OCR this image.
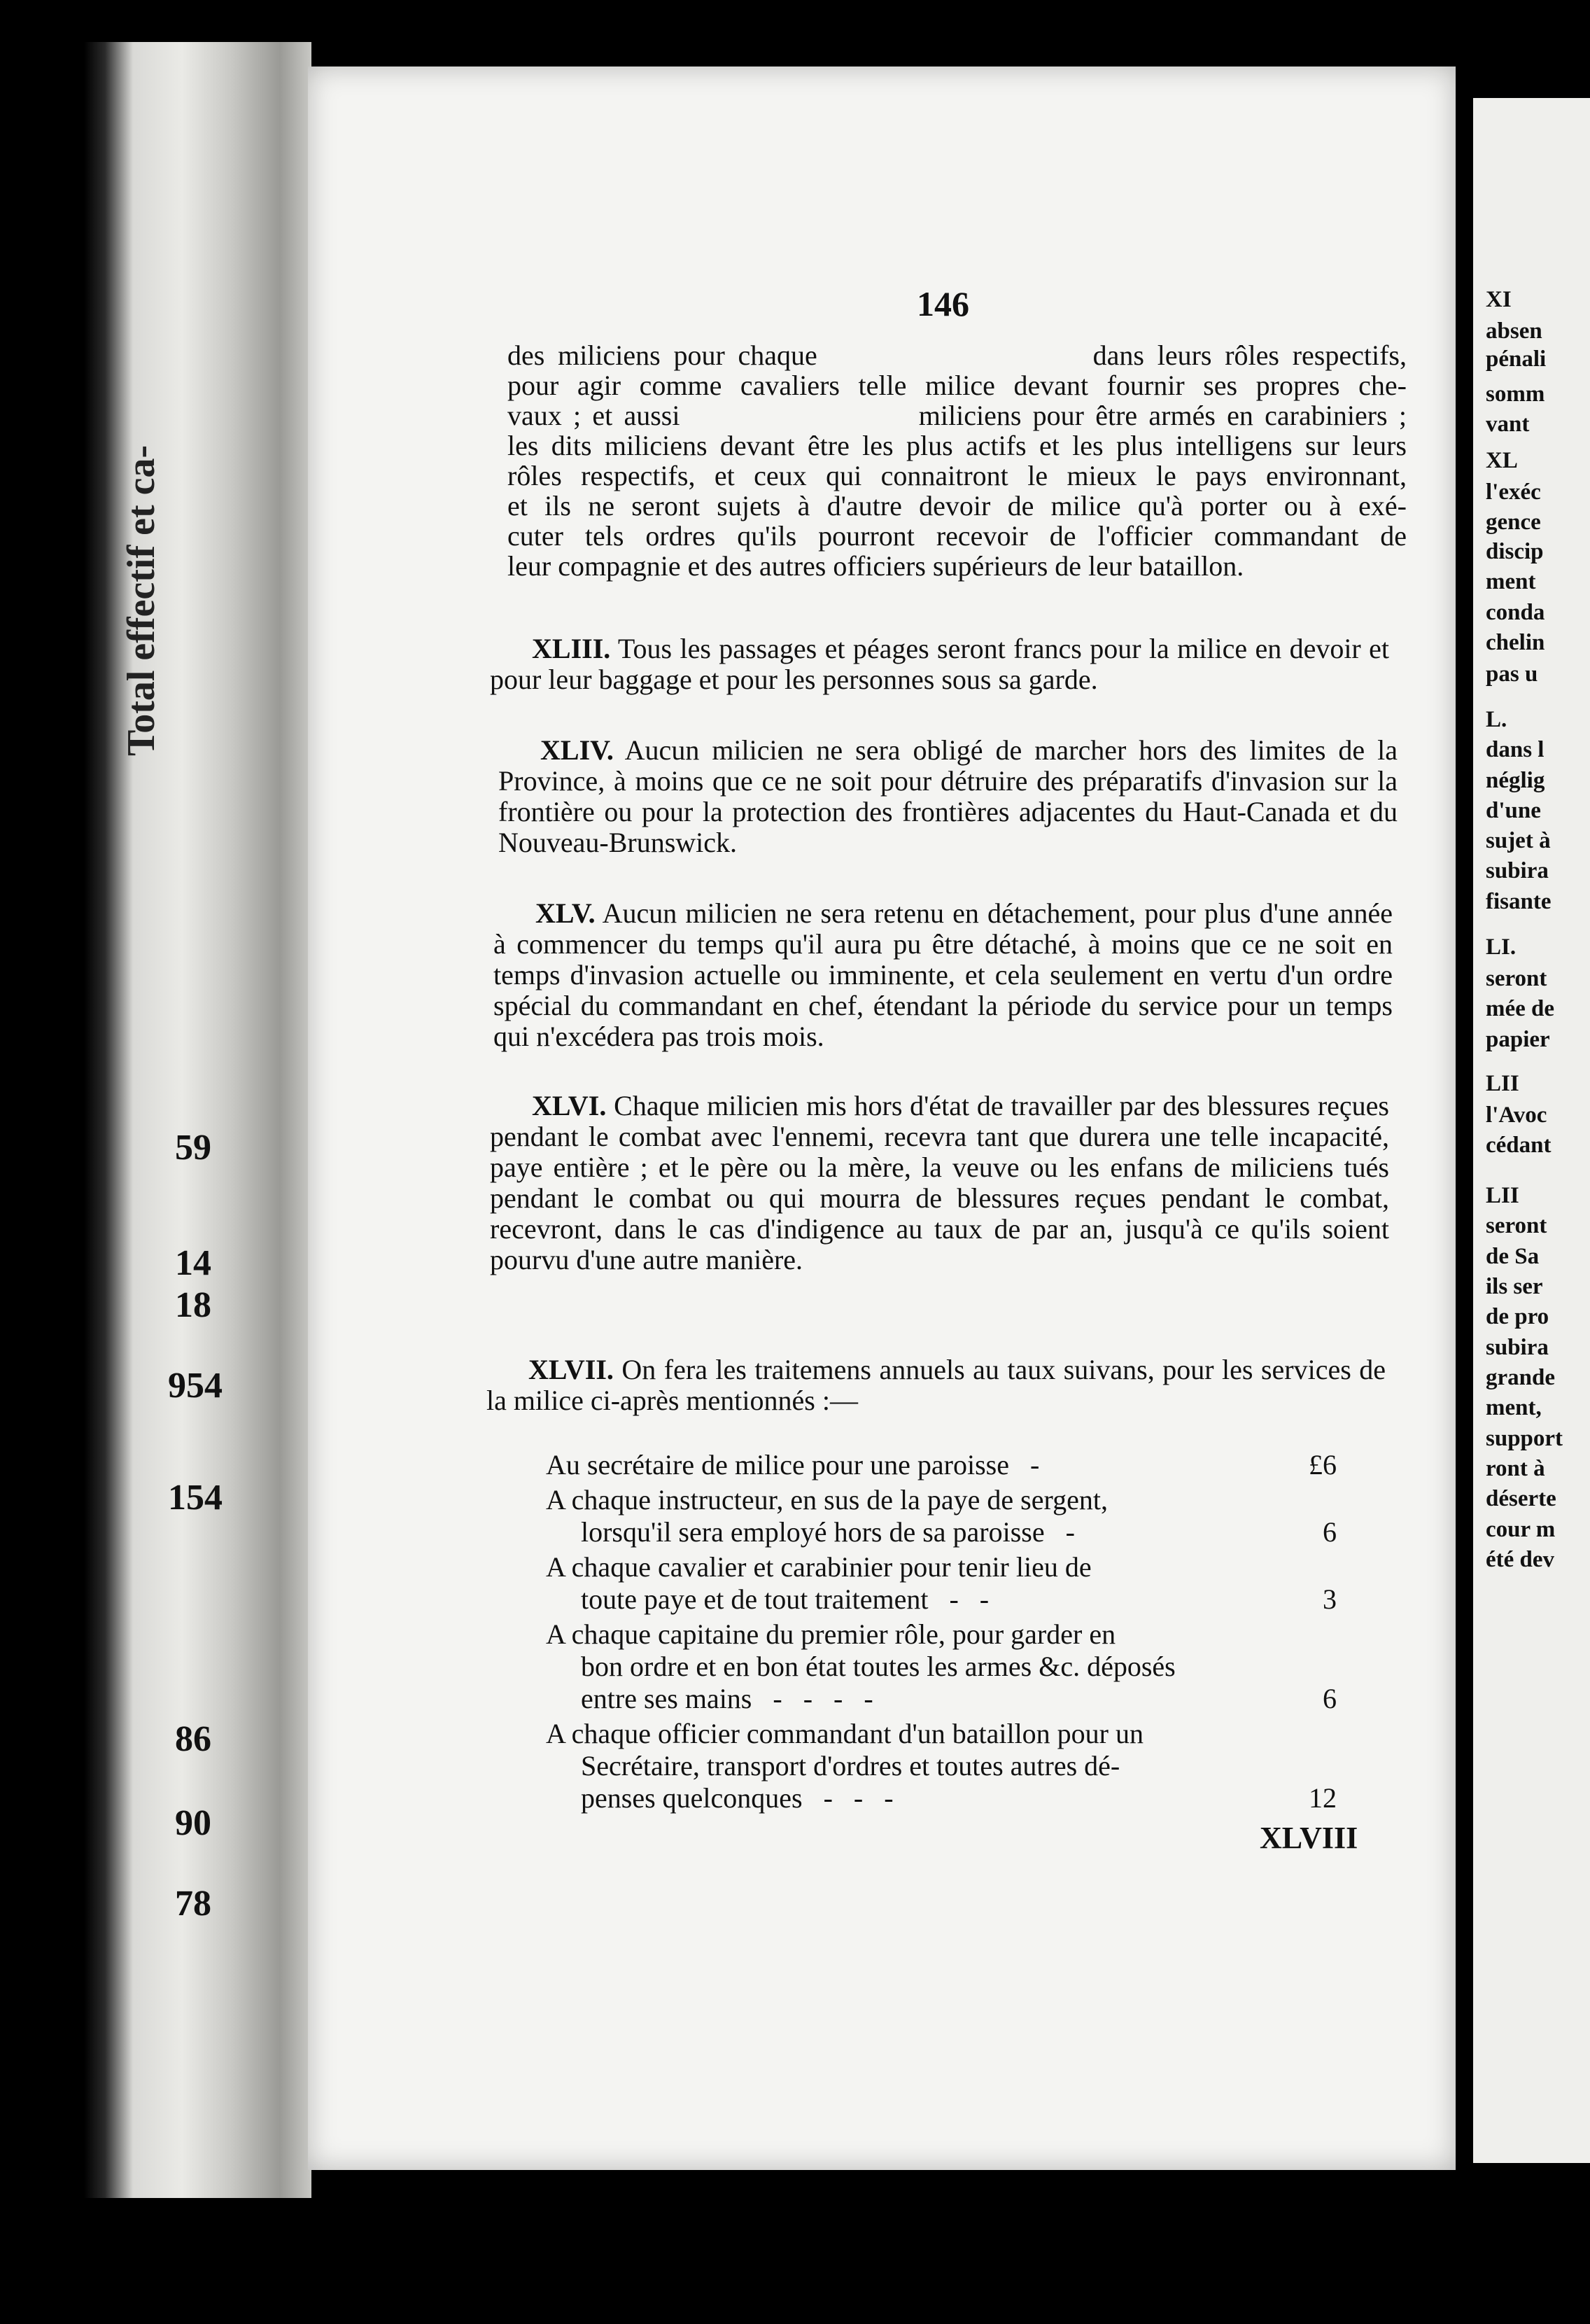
Total effectif et ca-
59
14
18
954
154
86
90
78
XI
absen
pénali
somm
vant
XL
l'exéc
gence
discip
ment
conda
chelin
pas u
L.
dans l
néglig
d'une
sujet à
subira
fisante
LI.
seront
mée de
papier
LII
l'Avoc
cédant
LII
seront
de Sa
ils ser
de pro
subira
grande
ment,
support
ront à
déserte
cour m
été dev
146
des miliciens pour chaque                     dans leurs rôles respectifs,
pour agir comme cavaliers telle milice devant fournir ses propres che-
vaux ; et aussi                     miliciens pour être armés en carabiniers ;
les dits miliciens devant être les plus actifs et les plus intelligens sur leurs
rôles respectifs, et ceux qui connaitront le mieux le pays environnant,
et ils ne seront sujets à d'autre devoir de milice qu'à porter ou à exé-
cuter tels ordres qu'ils pourront recevoir de l'officier commandant de
leur compagnie et des autres officiers supérieurs de leur bataillon.

XLIII. Tous les passages et péages seront francs pour la milice en devoir et pour leur baggage et pour les personnes sous sa garde.

XLIV. Aucun milicien ne sera obligé de marcher hors des limites de la Province, à moins que ce ne soit pour détruire des préparatifs d'invasion sur la frontière ou pour la protection des frontières adjacentes du Haut-Canada et du Nouveau-Brunswick.

XLV. Aucun milicien ne sera retenu en détachement, pour plus d'une année à commencer du temps qu'il aura pu être détaché, à moins que ce ne soit en temps d'invasion actuelle ou imminente, et cela seulement en vertu d'un ordre spécial du commandant en chef, étendant la période du service pour un temps qui n'excédera pas trois mois.

XLVI. Chaque milicien mis hors d'état de travailler par des blessures reçues pendant le combat avec l'ennemi, recevra tant que durera une telle incapacité, paye entière ; et le père ou la mère, la veuve ou les enfans de miliciens tués pendant le combat ou qui mourra de blessures reçues pendant le combat, recevront, dans le cas d'indigence au taux de par an, jusqu'à ce qu'ils soient pourvu d'une autre manière.

XLVII. On fera les traitemens annuels au taux suivans, pour les services de la milice ci-après mentionnés :—

Au secrétaire de milice pour une paroisse   -	£6
A chaque instructeur, en sus de la paye de sergent,
lorsqu'il sera employé hors de sa paroisse   -	6
A chaque cavalier et carabinier pour tenir lieu de
toute paye et de tout traitement   -   -	3
A chaque capitaine du premier rôle, pour garder en
bon ordre et en bon état toutes les armes &c. déposés
entre ses mains   -   -   -   -	6
A chaque officier commandant d'un bataillon pour un
Secrétaire, transport d'ordres et toutes autres dé-
penses quelconques   -   -   -	12
XLVIII
